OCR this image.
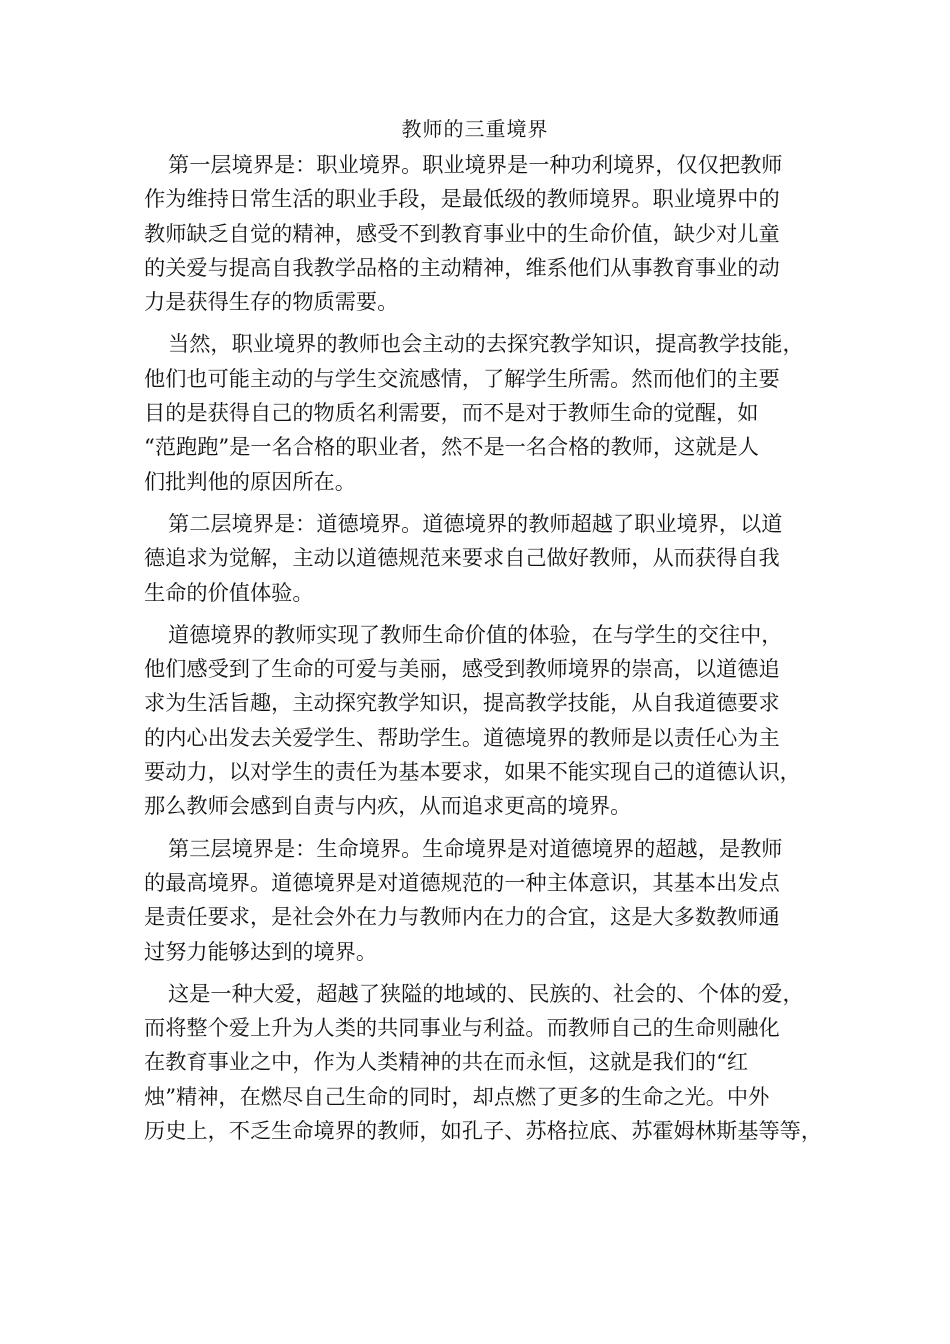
教师的三重境界
第一层境界是：职业境界。职业境界是一种功利境界，仅仅把教师
作为维持日常生活的职业手段，是最低级的教师境界。职业境界中的
教师缺乏自觉的精神，感受不到教育事业中的生命价值，缺少对儿童
的关爱与提高自我教学品格的主动精神，维系他们从事教育事业的动
力是获得生存的物质需要。
当然，职业境界的教师也会主动的去探究教学知识，提高教学技能，
他们也可能主动的与学生交流感情，了解学生所需。然而他们的主要
目的是获得自己的物质名利需要，而不是对于教师生命的觉醒，如
“范跑跑”是一名合格的职业者，然不是一名合格的教师，这就是人
们批判他的原因所在。
第二层境界是：道德境界。道德境界的教师超越了职业境界，以道
德追求为觉解，主动以道德规范来要求自己做好教师，从而获得自我
生命的价值体验。
道德境界的教师实现了教师生命价值的体验，在与学生的交往中，
他们感受到了生命的可爱与美丽，感受到教师境界的崇高，以道德追
求为生活旨趣，主动探究教学知识，提高教学技能，从自我道德要求
的内心出发去关爱学生、帮助学生。道德境界的教师是以责任心为主
要动力，以对学生的责任为基本要求，如果不能实现自己的道德认识，
那么教师会感到自责与内疚，从而追求更高的境界。
第三层境界是：生命境界。生命境界是对道德境界的超越，是教师
的最高境界。道德境界是对道德规范的一种主体意识，其基本出发点
是责任要求，是社会外在力与教师内在力的合宜，这是大多数教师通
过努力能够达到的境界。
这是一种大爱，超越了狭隘的地域的、民族的、社会的、个体的爱，
而将整个爱上升为人类的共同事业与利益。而教师自己的生命则融化
在教育事业之中，作为人类精神的共在而永恒，这就是我们的“红
烛”精神，在燃尽自己生命的同时，却点燃了更多的生命之光。中外
历史上，不乏生命境界的教师，如孔子、苏格拉底、苏霍姆林斯基等等，
